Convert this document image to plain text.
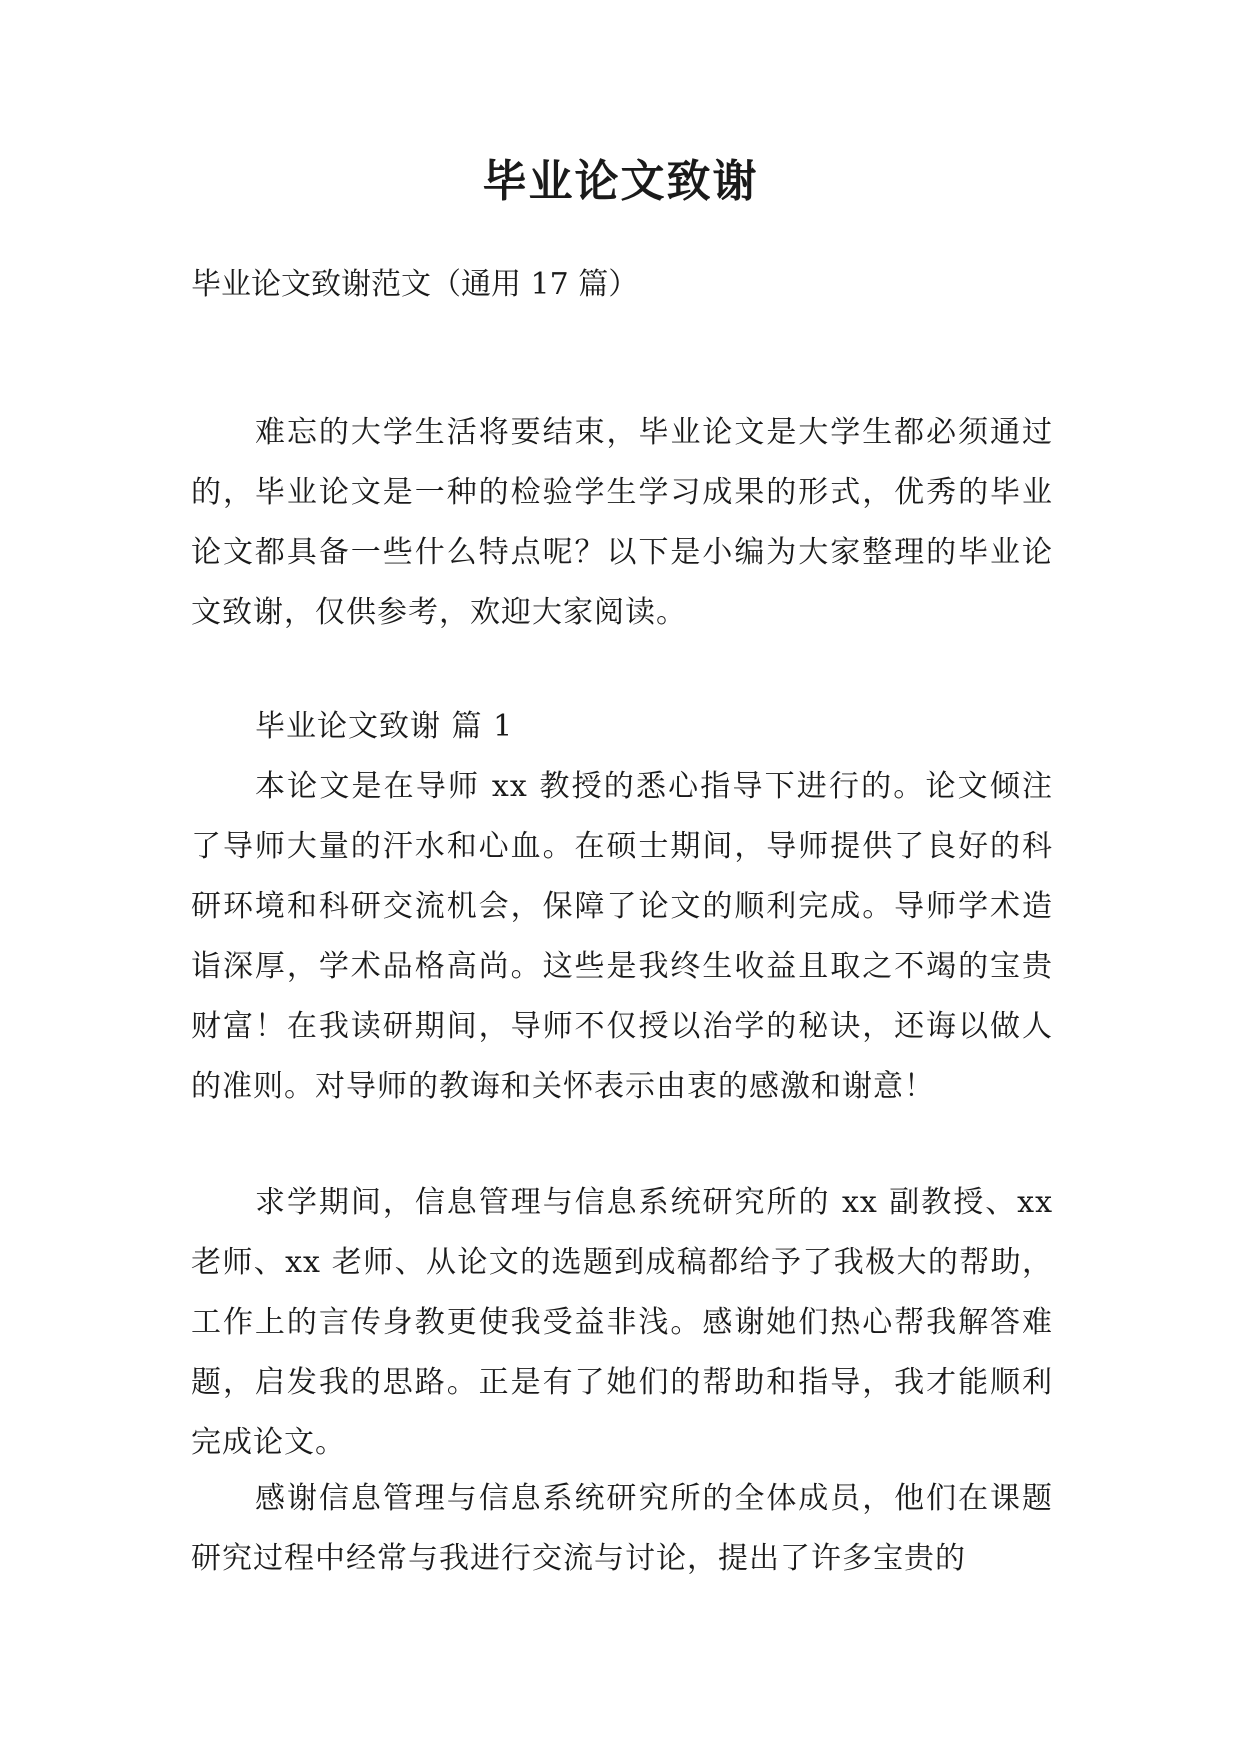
毕业论文致谢

毕业论文致谢范文（通用 17 篇）

难忘的大学生活将要结束，毕业论文是大学生都必须通过的，毕业论文是一种的检验学生学习成果的形式，优秀的毕业论文都具备一些什么特点呢？以下是小编为大家整理的毕业论文致谢，仅供参考，欢迎大家阅读。

毕业论文致谢 篇 1

本论文是在导师 xx 教授的悉心指导下进行的。论文倾注了导师大量的汗水和心血。在硕士期间，导师提供了良好的科研环境和科研交流机会，保障了论文的顺利完成。导师学术造诣深厚，学术品格高尚。这些是我终生收益且取之不竭的宝贵财富！在我读研期间，导师不仅授以治学的秘诀，还诲以做人的准则。对导师的教诲和关怀表示由衷的感激和谢意！

求学期间，信息管理与信息系统研究所的 xx 副教授、xx 老师、xx 老师、从论文的选题到成稿都给予了我极大的帮助，工作上的言传身教更使我受益非浅。感谢她们热心帮我解答难题，启发我的思路。正是有了她们的帮助和指导，我才能顺利完成论文。

感谢信息管理与信息系统研究所的全体成员，他们在课题研究过程中经常与我进行交流与讨论，提出了许多宝贵的
